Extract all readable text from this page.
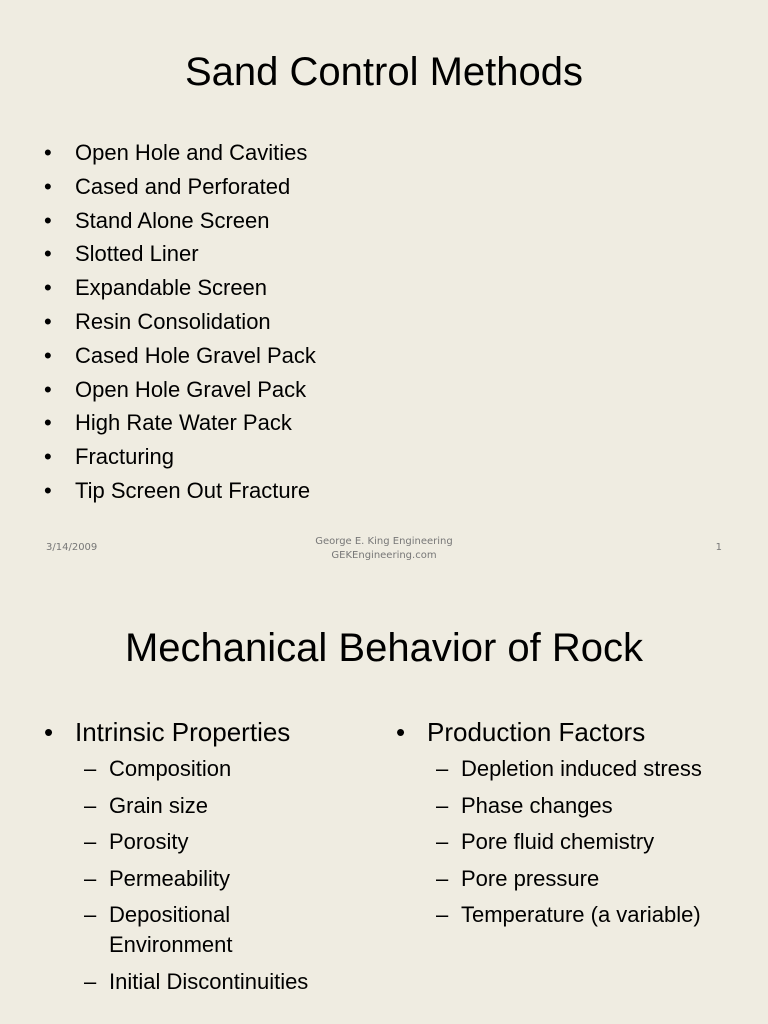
Sand Control Methods
• Open Hole and Cavities
• Cased and Perforated
• Stand Alone Screen
• Slotted Liner
• Expandable Screen
• Resin Consolidation
• Cased Hole Gravel Pack
• Open Hole Gravel Pack
• High Rate Water Pack
• Fracturing
• Tip Screen Out Fracture
3/14/2009
George E. King Engineering
GEKEngineering.com
1
Mechanical Behavior of Rock
• Intrinsic Properties
– Composition
– Grain size
– Porosity
– Permeability
– Depositional Environment
– Initial Discontinuities
• Production Factors
– Depletion induced stress
– Phase changes
– Pore fluid chemistry
– Pore pressure
– Temperature (a variable)
